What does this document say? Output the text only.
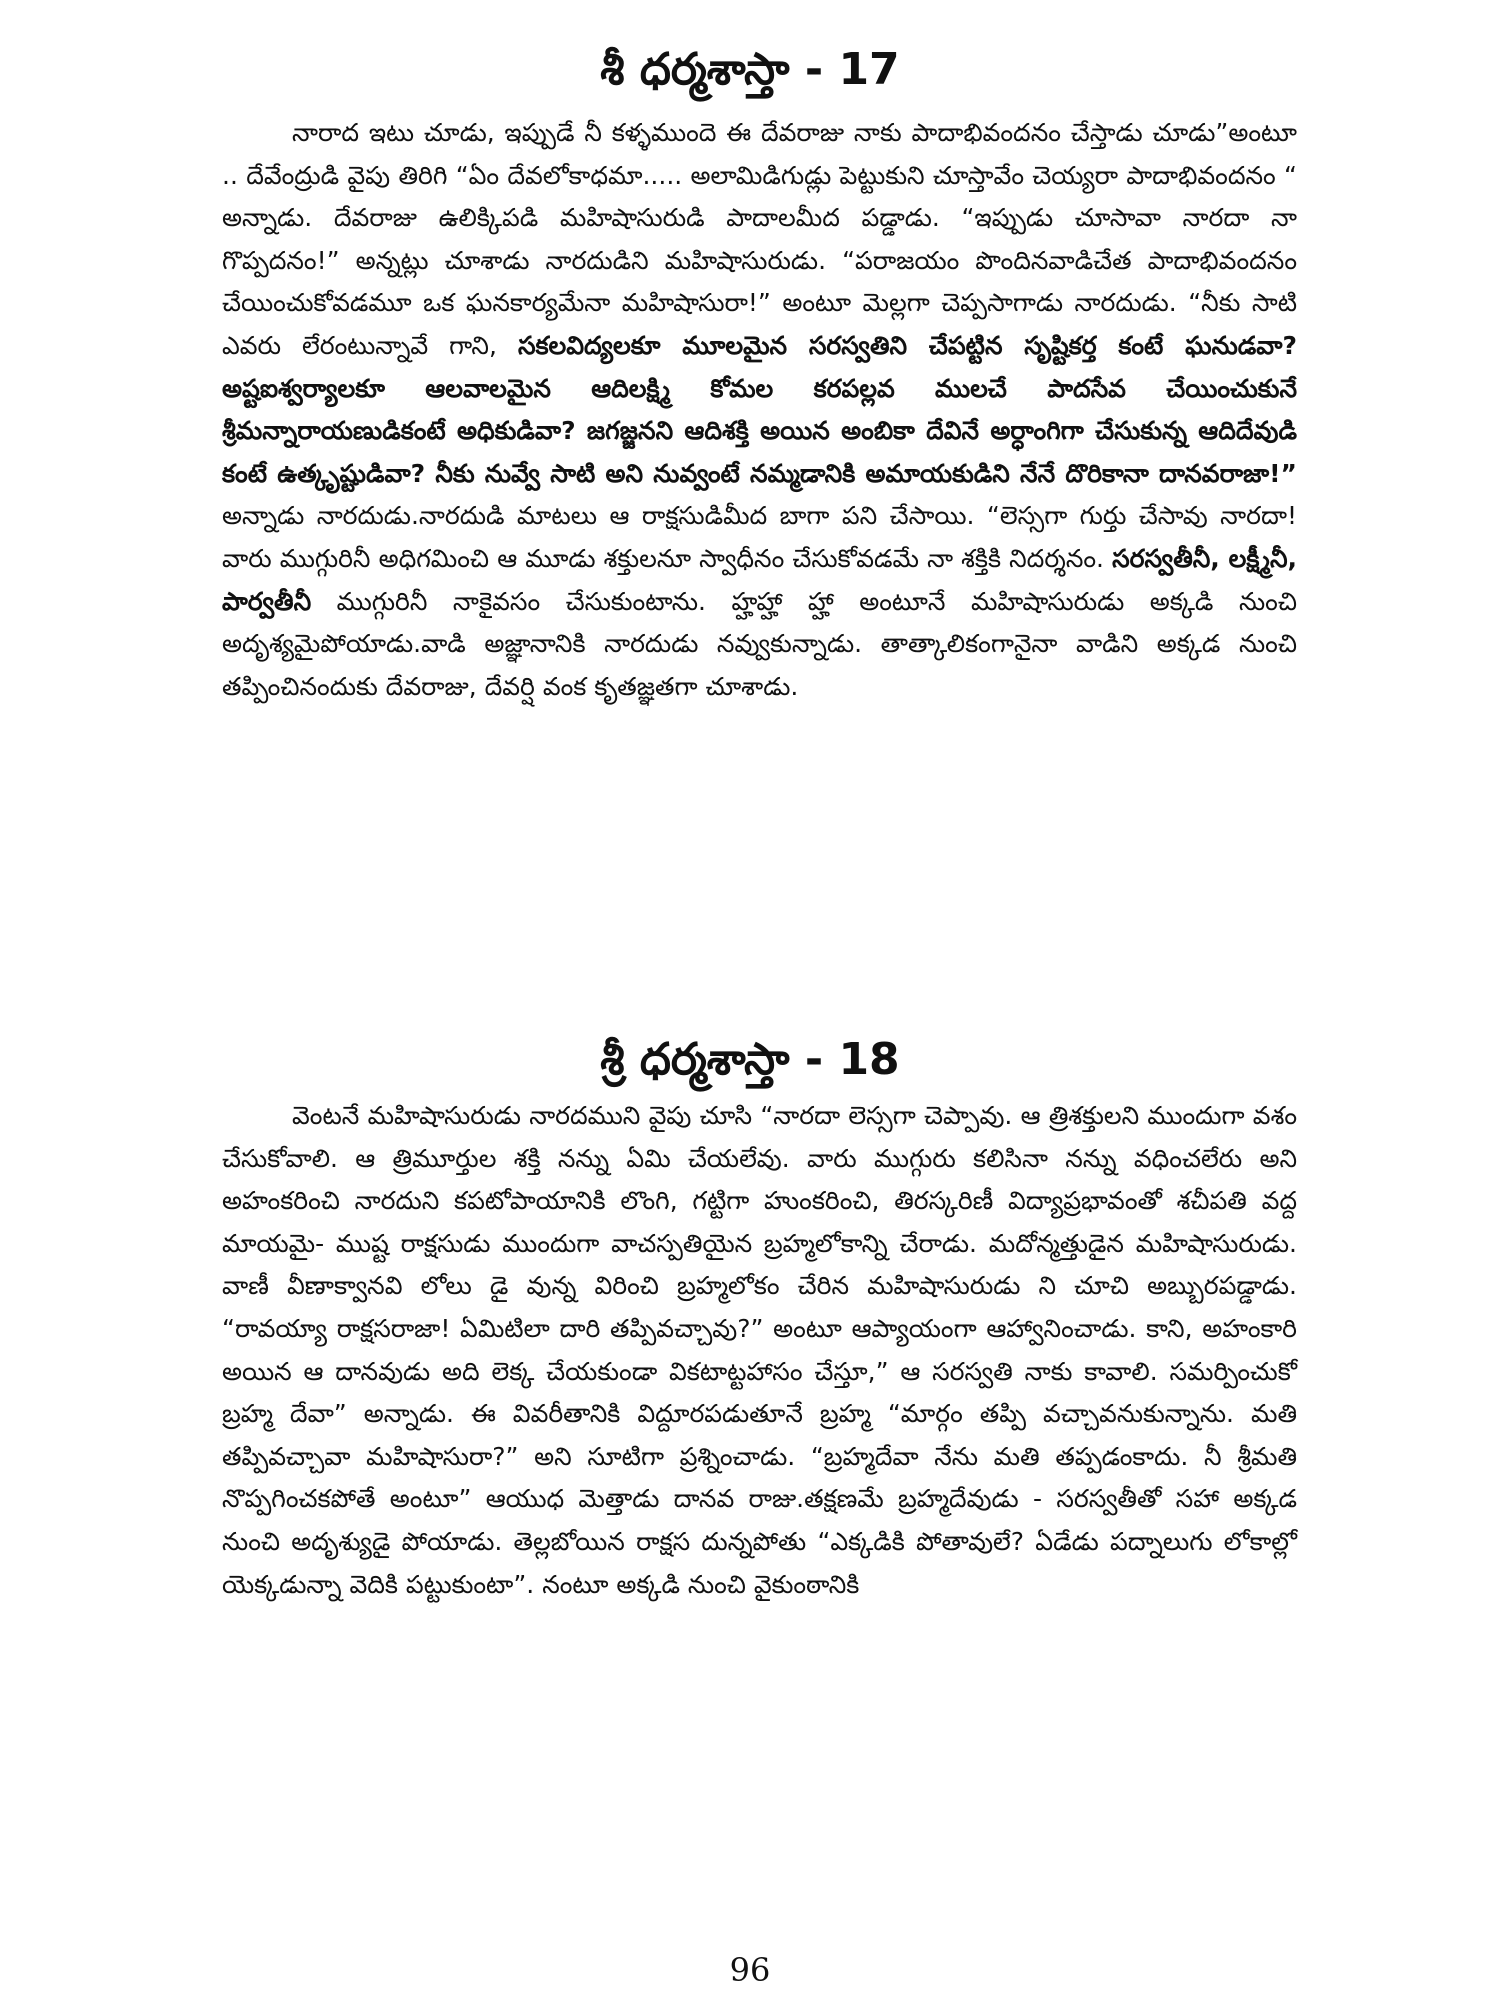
శీ ధర్మశాస్తా - 17

నారాద ఇటు చూడు, ఇప్పుడే నీ కళ్ళముందె ఈ దేవరాజు నాకు పాదాభివందనం చేస్తాడు చూడు”అంటూ .. దేవేంద్రుడి వైపు తిరిగి “ఏం దేవలోకాధమా..... అలామిడిగుడ్లు పెట్టుకుని చూస్తావేం చెయ్యరా పాదాభివందనం “ అన్నాడు. దేవరాజు ఉలిక్కిపడి మహిషాసురుడి పాదాలమీద పడ్డాడు. “ఇప్పుడు చూసావా నారదా నా గొప్పదనం!” అన్నట్లు చూశాడు నారదుడిని మహిషాసురుడు. “పరాజయం పొందినవాడిచేత పాదాభివందనం చేయించుకోవడమూ ఒక ఘనకార్యమేనా మహిషాసురా!” అంటూ మెల్లగా చెప్పసాగాడు నారదుడు. “నీకు సాటి ఎవరు లేరంటున్నావే గాని, సకలవిద్యలకూ మూలమైన సరస్వతిని చేపట్టిన సృష్టికర్త కంటే ఘనుడవా? అష్టఐశ్వర్యాలకూ ఆలవాలమైన ఆదిలక్ష్మి కోమల కరపల్లవ ములచే పాదసేవ చేయించుకునే శ్రీమన్నారాయణుడికంటే అధికుడివా? జగజ్జనని ఆదిశక్తి అయిన అంబికా దేవినే అర్ధాంగిగా చేసుకున్న ఆదిదేవుడి కంటే ఉత్కృష్టుడివా? నీకు నువ్వే సాటి అని నువ్వంటే నమ్మడానికి అమాయకుడిని నేనే దొరికానా దానవరాజా!” అన్నాడు నారదుడు.నారదుడి మాటలు ఆ రాక్షసుడిమీద బాగా పని చేసాయి. “లెస్సగా గుర్తు చేసావు నారదా! వారు ముగ్గురినీ అధిగమించి ఆ మూడు శక్తులనూ స్వాధీనం చేసుకోవడమే నా శక్తికి నిదర్శనం. సరస్వతీనీ, లక్ష్మీనీ, పార్వతీనీ ముగ్గురినీ నాకైవసం చేసుకుంటాను. హ్హహ్హా హ్హా అంటూనే మహిషాసురుడు అక్కడి నుంచి అదృశ్యమైపోయాడు.వాడి అజ్ఞానానికి నారదుడు నవ్వుకున్నాడు. తాత్కాలికంగానైనా వాడిని అక్కడ నుంచి తప్పించినందుకు దేవరాజు, దేవర్షి వంక కృతజ్ఞతగా చూశాడు.

శ్రీ ధర్మశాస్తా - 18

వెంటనే మహిషాసురుడు నారదముని వైపు చూసి “నారదా లెస్సగా చెప్పావు. ఆ త్రిశక్తులని ముందుగా వశం చేసుకోవాలి. ఆ త్రిమూర్తుల శక్తి నన్ను ఏమి చేయలేవు. వారు ముగ్గురు కలిసినా నన్ను వధించలేరు అని అహంకరించి నారదుని కపటోపాయానికి లొంగి, గట్టిగా హుంకరించి, తిరస్కరిణీ విద్యాప్రభావంతో శచీపతి వద్ద మాయమై- ముష్ట రాక్షసుడు ముందుగా వాచస్పతియైన బ్రహ్మలోకాన్ని చేరాడు. మదోన్మత్తుడైన మహిషాసురుడు. వాణీ వీణాక్వానవి లోలు డై వున్న విరించి బ్రహ్మలోకం చేరిన మహిషాసురుడు ని చూచి అబ్బురపడ్డాడు. “రావయ్యా రాక్షసరాజా! ఏమిటిలా దారి తప్పివచ్చావు?” అంటూ ఆప్యాయంగా ఆహ్వానించాడు. కాని, అహంకారి అయిన ఆ దానవుడు అది లెక్క చేయకుండా వికటాట్టహాసం చేస్తూ,” ఆ సరస్వతి నాకు కావాలి. సమర్పించుకో బ్రహ్మ దేవా” అన్నాడు. ఈ వివరీతానికి విద్దూరపడుతూనే బ్రహ్మ “మార్గం తప్పి వచ్చావనుకున్నాను. మతి తప్పివచ్చావా మహిషాసురా?” అని సూటిగా ప్రశ్నించాడు. “బ్రహ్మదేవా నేను మతి తప్పడంకాదు. నీ శ్రీమతి నొప్పగించకపోతే అంటూ” ఆయుధ మెత్తాడు దానవ రాజు.తక్షణమే బ్రహ్మదేవుడు - సరస్వతీతో సహా అక్కడ నుంచి అదృశ్యుడై పోయాడు. తెల్లబోయిన రాక్షస దున్నపోతు “ఎక్కడికి పోతావులే? ఏడేడు పద్నాలుగు లోకాల్లో యెక్కడున్నా వెదికి పట్టుకుంటా”. నంటూ అక్కడి నుంచి వైకుంఠానికి

96
